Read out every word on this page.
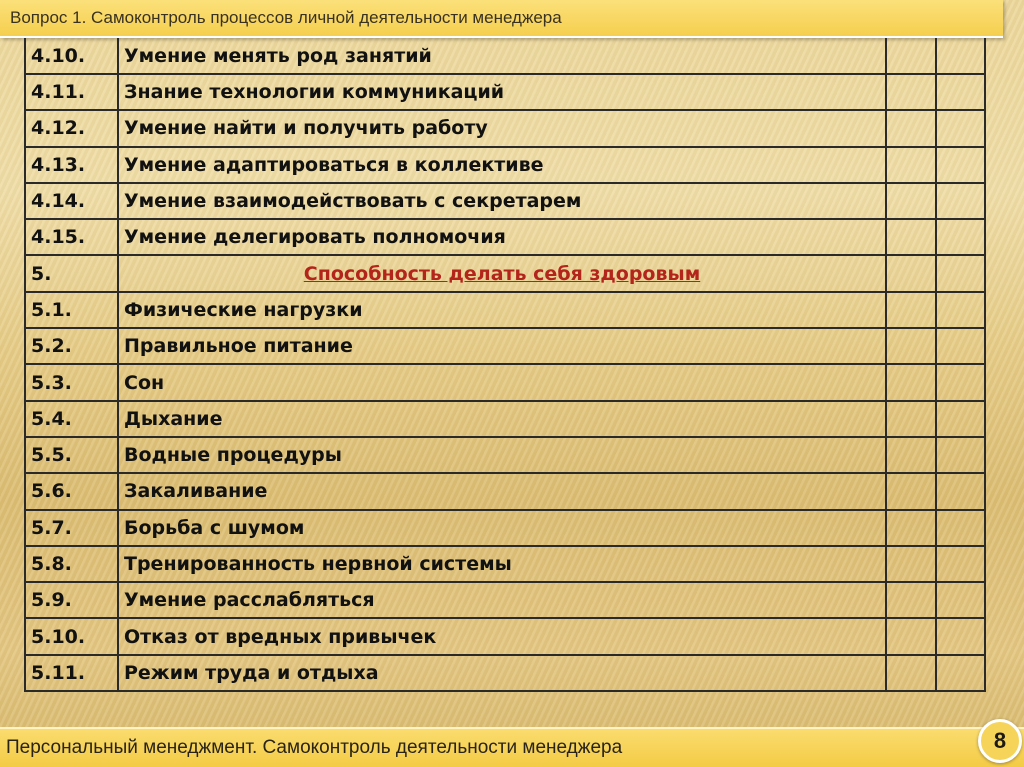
Вопрос 1. Самоконтроль процессов личной деятельности менеджера
4.10.	Умение менять род занятий		
4.11.	Знание технологии коммуникаций		
4.12.	Умение найти и получить работу		
4.13.	Умение адаптироваться в коллективе		
4.14.	Умение взаимодействовать с секретарем		
4.15.	Умение делегировать полномочия		
5.	Способность делать себя здоровым		
5.1.	Физические нагрузки		
5.2.	Правильное питание		
5.3.	Сон		
5.4.	Дыхание		
5.5.	Водные процедуры		
5.6.	Закаливание		
5.7.	Борьба с шумом		
5.8.	Тренированность нервной системы		
5.9.	Умение расслабляться		
5.10.	Отказ от вредных привычек		
5.11.	Режим труда и отдыха		
Персональный менеджмент. Самоконтроль деятельности менеджера	8
